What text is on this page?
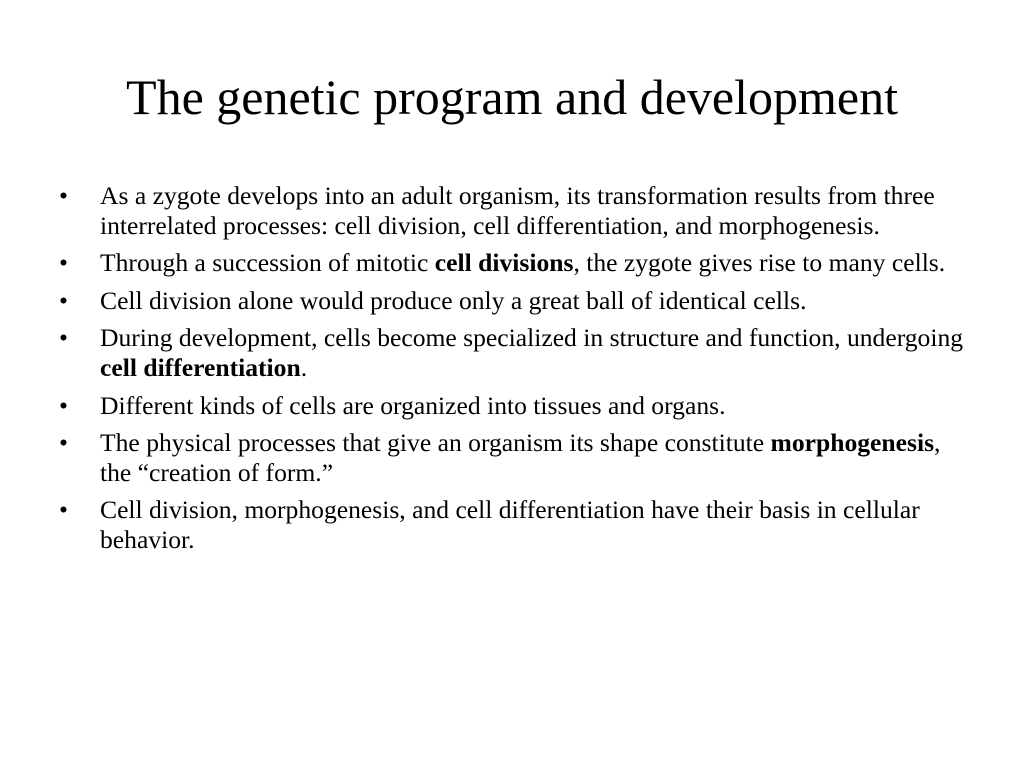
The genetic program and development
• As a zygote develops into an adult organism, its transformation results from three interrelated processes: cell division, cell differentiation, and morphogenesis.
• Through a succession of mitotic cell divisions, the zygote gives rise to many cells.
• Cell division alone would produce only a great ball of identical cells.
• During development, cells become specialized in structure and function, undergoing cell differentiation.
• Different kinds of cells are organized into tissues and organs.
• The physical processes that give an organism its shape constitute morphogenesis, the “creation of form.”
• Cell division, morphogenesis, and cell differentiation have their basis in cellular behavior.
